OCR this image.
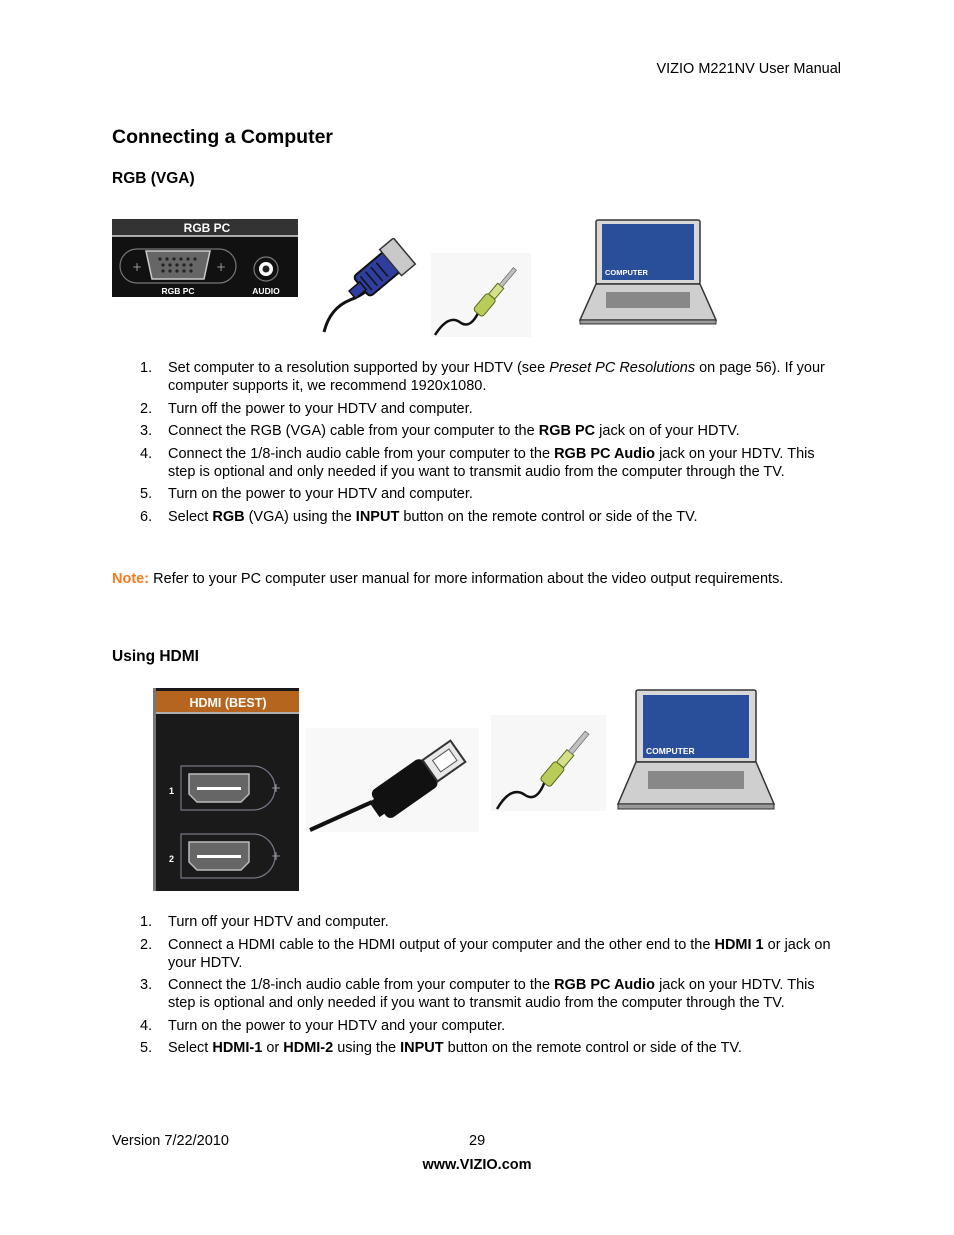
VIZIO M221NV User Manual
Connecting a Computer
RGB (VGA)
RGB PC
+	+
RGB PC	AUDIO
COMPUTER
1. Set computer to a resolution supported by your HDTV (see Preset PC Resolutions on page 56). If your computer supports it, we recommend 1920x1080.
2. Turn off the power to your HDTV and computer.
3. Connect the RGB (VGA) cable from your computer to the RGB PC jack on of your HDTV.
4. Connect the 1/8-inch audio cable from your computer to the RGB PC Audio jack on your HDTV. This step is optional and only needed if you want to transmit audio from the computer through the TV.
5. Turn on the power to your HDTV and computer.
6. Select RGB (VGA) using the INPUT button on the remote control or side of the TV.
Note: Refer to your PC computer user manual for more information about the video output requirements.
Using HDMI
HDMI (BEST)
+
1
+
2
COMPUTER
1. Turn off your HDTV and computer.
2. Connect a HDMI cable to the HDMI output of your computer and the other end to the HDMI 1 or jack on your HDTV.
3. Connect the 1/8-inch audio cable from your computer to the RGB PC Audio jack on your HDTV. This step is optional and only needed if you want to transmit audio from the computer through the TV.
4. Turn on the power to your HDTV and your computer.
5. Select HDMI-1 or HDMI-2 using the INPUT button on the remote control or side of the TV.
Version 7/22/2010	29
www.VIZIO.com
